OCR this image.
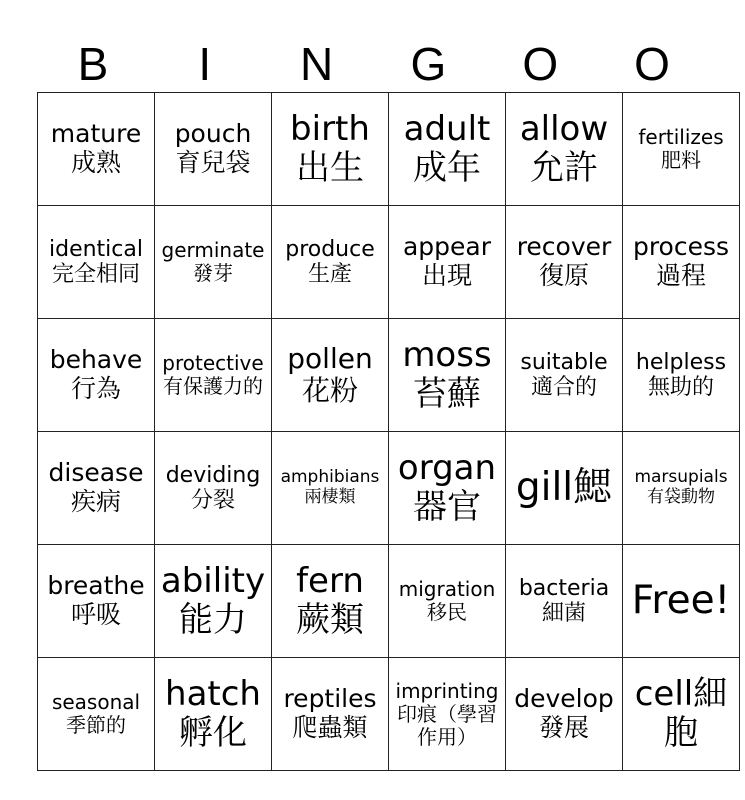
B	I	N	G	O	O
mature
成熟	pouch
育兒袋	birth
出生	adult
成年	allow
允許	fertilizes
肥料

identical
完全相同	germinate
發芽	produce
生產	appear
出現	recover
復原	process
過程

behave
行為	protective
有保護力的	pollen
花粉	moss
苔蘚	suitable
適合的	helpless
無助的

disease
疾病	deviding
分裂	amphibians
兩棲類	organ
器官	gill鰓	marsupials
有袋動物

breathe
呼吸	ability
能力	fern
蕨類	migration
移民	bacteria
細菌	Free!

seasonal
季節的	hatch
孵化	reptiles
爬蟲類	imprinting
印痕（學習作用）	develop
發展	cell細胞
